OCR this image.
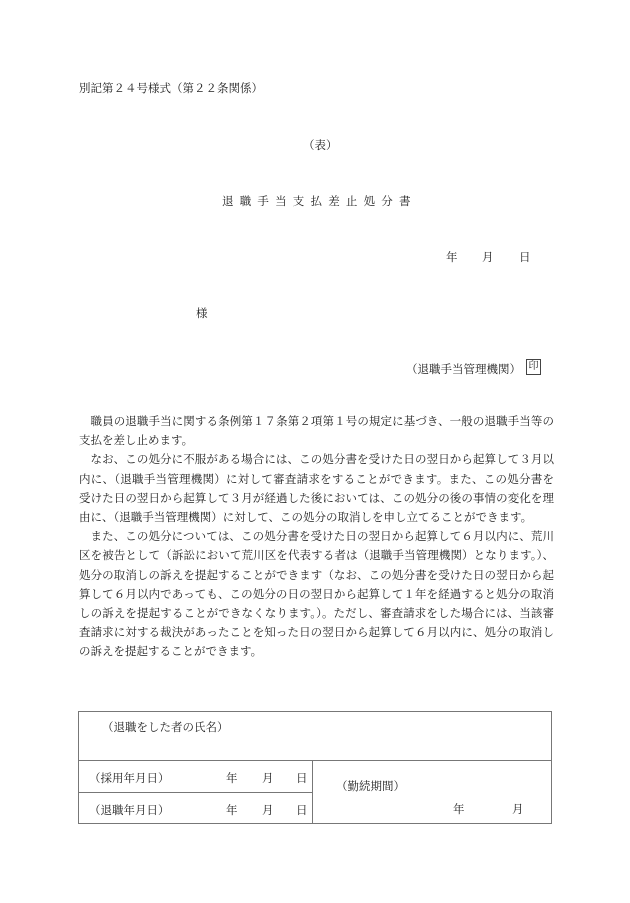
別記第２４号様式（第２２条関係）
（表）
退職手当支払差止処分書
年 月 日
様
（退職手当管理機関） 印

職員の退職手当に関する条例第１７条第２項第１号の規定に基づき、一般の退職手当等の支払を差し止めます。

なお、この処分に不服がある場合には、この処分書を受けた日の翌日から起算して３月以内に、（退職手当管理機関）に対して審査請求をすることができます。また、この処分書を受けた日の翌日から起算して３月が経過した後においては、この処分の後の事情の変化を理由に、（退職手当管理機関）に対して、この処分の取消しを申し立てることができます。

また、この処分については、この処分書を受けた日の翌日から起算して６月以内に、荒川区を被告として（訴訟において荒川区を代表する者は（退職手当管理機関）となります。）、処分の取消しの訴えを提起することができます（なお、この処分書を受けた日の翌日から起算して６月以内であっても、この処分の日の翌日から起算して１年を経過すると処分の取消しの訴えを提起することができなくなります。）。ただし、審査請求をした場合には、当該審査請求に対する裁決があったことを知った日の翌日から起算して６月以内に、処分の取消しの訴えを提起することができます。

（退職をした者の氏名）
（採用年月日）	年 月 日
（退職年月日）	年 月 日
（勤続期間）
年	月
